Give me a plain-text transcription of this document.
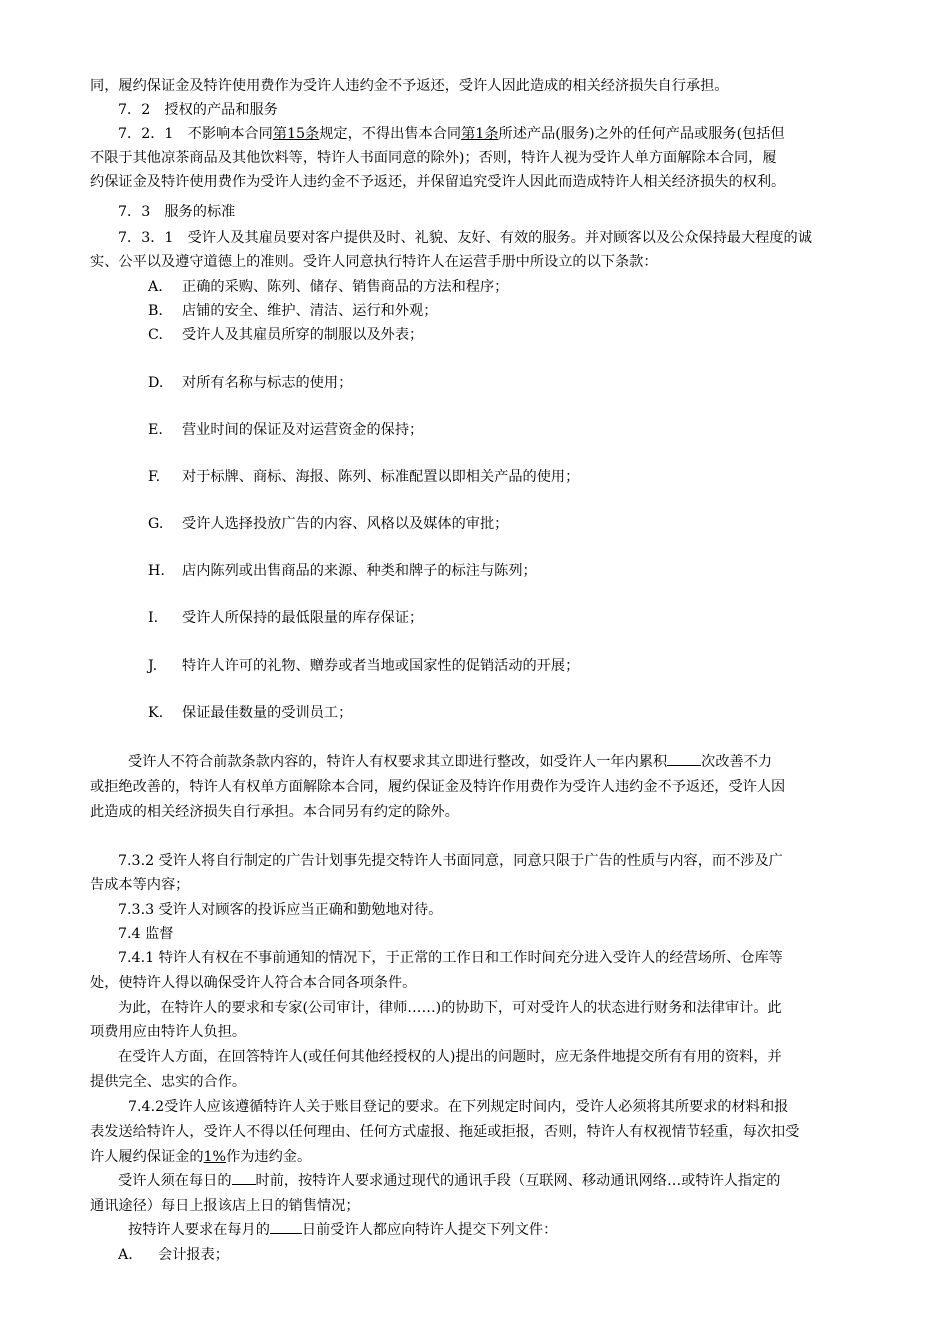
同，履约保证金及特许使用费作为受许人违约金不予返还，受许人因此造成的相关经济损失自行承担。
7．2　授权的产品和服务
7．2．1　不影响本合同第15条规定，不得出售本合同第1条所述产品(服务)之外的任何产品或服务(包括但
不限于其他凉茶商品及其他饮料等，特许人书面同意的除外)；否则，特许人视为受许人单方面解除本合同，履
约保证金及特许使用费作为受许人违约金不予返还，并保留追究受许人因此而造成特许人相关经济损失的权利。
7．3　服务的标准
7．3．1　受许人及其雇员要对客户提供及时、礼貌、友好、有效的服务。并对顾客以及公众保持最大程度的诚
实、公平以及遵守道德上的准则。受许人同意执行特许人在运营手册中所设立的以下条款：
A. 正确的采购、陈列、储存、销售商品的方法和程序；
B. 店铺的安全、维护、清洁、运行和外观；
C. 受许人及其雇员所穿的制服以及外表；
D. 对所有名称与标志的使用；
E. 营业时间的保证及对运营资金的保持；
F. 对于标牌、商标、海报、陈列、标准配置以即相关产品的使用；
G. 受许人选择投放广告的内容、风格以及媒体的审批；
H. 店内陈列或出售商品的来源、种类和牌子的标注与陈列；
I. 受许人所保持的最低限量的库存保证；
J. 特许人许可的礼物、赠券或者当地或国家性的促销活动的开展；
K. 保证最佳数量的受训员工；
受许人不符合前款条款内容的，特许人有权要求其立即进行整改，如受许人一年内累积 次改善不力
或拒绝改善的，特许人有权单方面解除本合同，履约保证金及特许作用费作为受许人违约金不予返还，受许人因
此造成的相关经济损失自行承担。本合同另有约定的除外。
7.3.2 受许人将自行制定的广告计划事先提交特许人书面同意，同意只限于广告的性质与内容，而不涉及广
告成本等内容；
7.3.3 受许人对顾客的投诉应当正确和勤勉地对待。
7.4 监督
7.4.1 特许人有权在不事前通知的情况下，于正常的工作日和工作时间充分进入受许人的经营场所、仓库等
处，使特许人得以确保受许人符合本合同各项条件。
为此，在特许人的要求和专家(公司审计，律师……)的协助下，可对受许人的状态进行财务和法律审计。此
项费用应由特许人负担。
在受许人方面，在回答特许人(或任何其他经授权的人)提出的问题时，应无条件地提交所有有用的资料，并
提供完全、忠实的合作。
7.4.2受许人应该遵循特许人关于账目登记的要求。在下列规定时间内，受许人必须将其所要求的材料和报
表发送给特许人，受许人不得以任何理由、任何方式虚报、拖延或拒报，否则，特许人有权视情节轻重，每次扣受
许人履约保证金的1%作为违约金。
受许人须在每日的 时前，按特许人要求通过现代的通讯手段（互联网、移动通讯网络…或特许人指定的
通讯途径）每日上报该店上日的销售情况；
按特许人要求在每月的 日前受许人都应向特许人提交下列文件：
A. 会计报表；
